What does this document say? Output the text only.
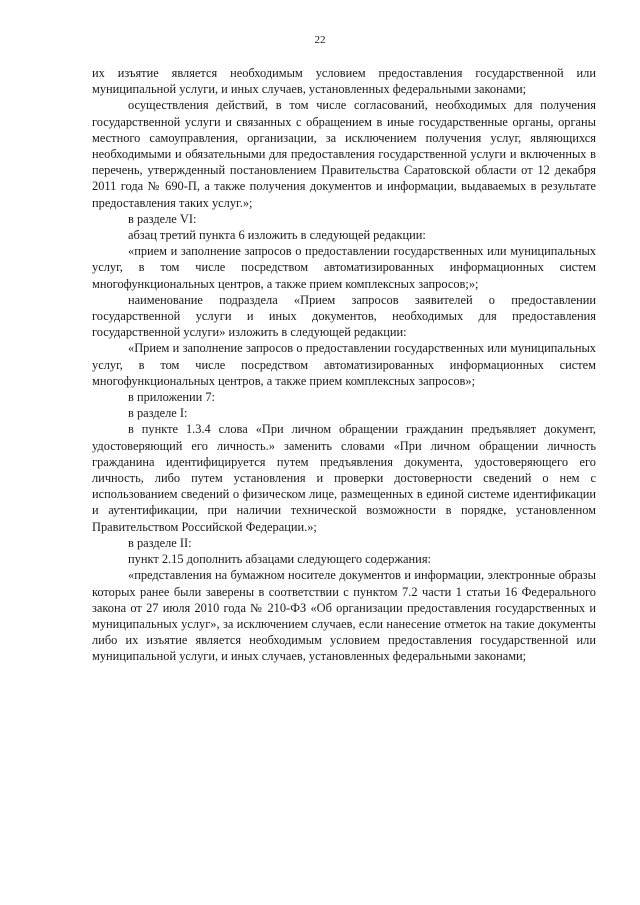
22

их изъятие является необходимым условием предоставления государственной или муниципальной услуги, и иных случаев, установленных федеральными законами;

осуществления действий, в том числе согласований, необходимых для получения государственной услуги и связанных с обращением в иные государственные органы, органы местного самоуправления, организации, за исключением получения услуг, являющихся необходимыми и обязательными для предоставления государственной услуги и включенных в перечень, утвержденный постановлением Правительства Саратовской области от 12 декабря 2011 года № 690-П, а также получения документов и информации, выдаваемых в результате предоставления таких услуг.»;

в разделе VI:

абзац третий пункта 6 изложить в следующей редакции:

«прием и заполнение запросов о предоставлении государственных или муниципальных услуг, в том числе посредством автоматизированных информационных систем многофункциональных центров, а также прием комплексных запросов;»;

наименование подраздела «Прием запросов заявителей о предоставлении государственной услуги и иных документов, необходимых для предоставления государственной услуги» изложить в следующей редакции:

«Прием и заполнение запросов о предоставлении государственных или муниципальных услуг, в том числе посредством автоматизированных информационных систем многофункциональных центров, а также прием комплексных запросов»;

в приложении 7:

в разделе I:

в пункте 1.3.4 слова «При личном обращении гражданин предъявляет документ, удостоверяющий его личность.» заменить словами «При личном обращении личность гражданина идентифицируется путем предъявления документа, удостоверяющего его личность, либо путем установления и проверки достоверности сведений о нем с использованием сведений о физическом лице, размещенных в единой системе идентификации и аутентификации, при наличии технической возможности в порядке, установленном Правительством Российской Федерации.»;

в разделе II:

пункт 2.15 дополнить абзацами следующего содержания:

«представления на бумажном носителе документов и информации, электронные образы которых ранее были заверены в соответствии с пунктом 7.2 части 1 статьи 16 Федерального закона от 27 июля 2010 года № 210-ФЗ «Об организации предоставления государственных и муниципальных услуг», за исключением случаев, если нанесение отметок на такие документы либо их изъятие является необходимым условием предоставления государственной или муниципальной услуги, и иных случаев, установленных федеральными законами;
